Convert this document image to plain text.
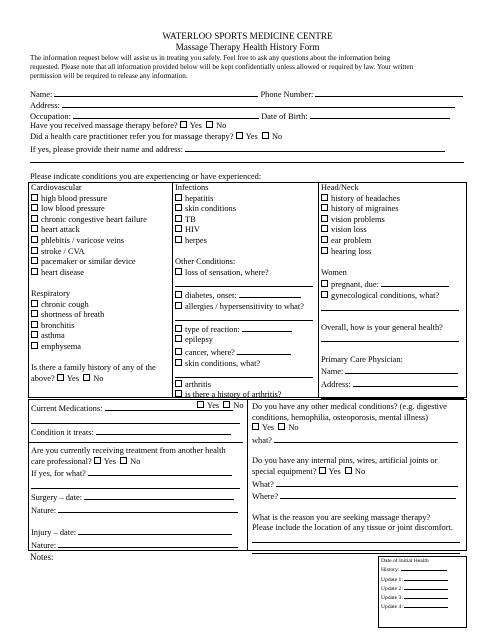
WATERLOO SPORTS MEDICINE CENTRE
Massage Therapy Health History Form
The information request below will assist us in treating you safely. Feel free to ask any questions about the information being
requested. Please note that all information provided below will be kept confidentially unless allowed or required by law. Your written
permission will be required to release any information.
Name:	Phone Number:
Address:
Occupation:	Date of Birth:
Have you received massage therapy before? Yes No
Did a health care practitioner refer you for massage therapy? Yes No
If yes, please provide their name and address:
Please indicate conditions you are experiencing or have experienced:
Cardiovascular
high blood pressure
low blood pressure
chronic congestive heart failure
heart attack
phlebitis / varicose veins
stroke / CVA
pacemaker or similar device
heart disease
Respiratory
chronic cough
shortness of breath
bronchitis
asthma
emphysema
Is there a family history of any of the
above? Yes No
Infections
hepatitis
skin conditions
TB
HIV
herpes
Other Conditions:
loss of sensation, where?
diabetes, onset:
allergies / hypersensitivity to what?
type of reaction:
epilepsy
cancer, where?
skin conditions, what?
arthritis
is there a history of arthritis?
Yes No
Head/Neck
history of headaches
history of migraines
vision problems
vision loss
ear problem
hearing loss
Women
pregnant, due:
gynecological conditions, what?
Overall, how is your general health?
Primary Care Physician:
Name:
Address:
Current Medications:
Condition it treats:
Are you currently receiving treatment from another health
care professional? Yes No
If yes, for what?
Surgery – date:
Nature:
Injury – date:
Nature:
Do you have any other medical conditions? (e.g. digestive
conditions, hemophilia, osteoporosis, mental illness)
Yes No
what?
Do you have any internal pins, wires, artificial joints or
special equipment? Yes No
What?
Where?
What is the reason you are seeking massage therapy?
Please include the location of any tissue or joint discomfort.
Notes:	Date of Initial Health
History:
Update 1:
Update 2:
Update 3:
Update 4:
